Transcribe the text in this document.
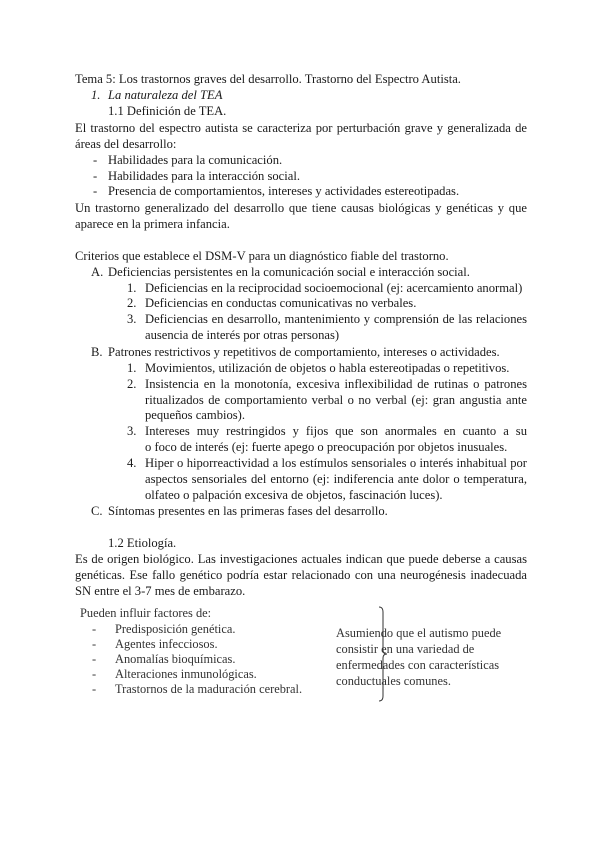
Tema 5: Los trastornos graves del desarrollo. Trastorno del Espectro Autista.
1. La naturaleza del TEA
1.1 Definición de TEA.
El trastorno del espectro autista se caracteriza por perturbación grave y generalizada de
áreas del desarrollo:
- Habilidades para la comunicación.
- Habilidades para la interacción social.
- Presencia de comportamientos, intereses y actividades estereotipadas.
Un trastorno generalizado del desarrollo que tiene causas biológicas y genéticas y que
aparece en la primera infancia.
Criterios que establece el DSM-V para un diagnóstico fiable del trastorno.
A. Deficiencias persistentes en la comunicación social e interacción social.
1. Deficiencias en la reciprocidad socioemocional (ej: acercamiento anormal)
2. Deficiencias en conductas comunicativas no verbales.
3. Deficiencias en desarrollo, mantenimiento y comprensión de las relaciones
ausencia de interés por otras personas)
B. Patrones restrictivos y repetitivos de comportamiento, intereses o actividades.
1. Movimientos, utilización de objetos o habla estereotipadas o repetitivos.
2. Insistencia en la monotonía, excesiva inflexibilidad de rutinas o patrones
ritualizados de comportamiento verbal o no verbal (ej: gran angustia ante
pequeños cambios).
3. Intereses muy restringidos y fijos que son anormales en cuanto a su
o foco de interés (ej: fuerte apego o preocupación por objetos inusuales.
4. Hiper o hiporreactividad a los estímulos sensoriales o interés inhabitual por
aspectos sensoriales del entorno (ej: indiferencia ante dolor o temperatura,
olfateo o palpación excesiva de objetos, fascinación luces).
C. Síntomas presentes en las primeras fases del desarrollo.
1.2 Etiología.
Es de origen biológico. Las investigaciones actuales indican que puede deberse a causas
genéticas. Ese fallo genético podría estar relacionado con una neurogénesis inadecuada
SN entre el 3-7 mes de embarazo.
Pueden influir factores de:
- Predisposición genética.
- Agentes infecciosos.
- Anomalías bioquímicas.
- Alteraciones inmunológicas.
- Trastornos de la maduración cerebral.
Asumiendo que el autismo puede
consistir en una variedad de
enfermedades con características
conductuales comunes.
